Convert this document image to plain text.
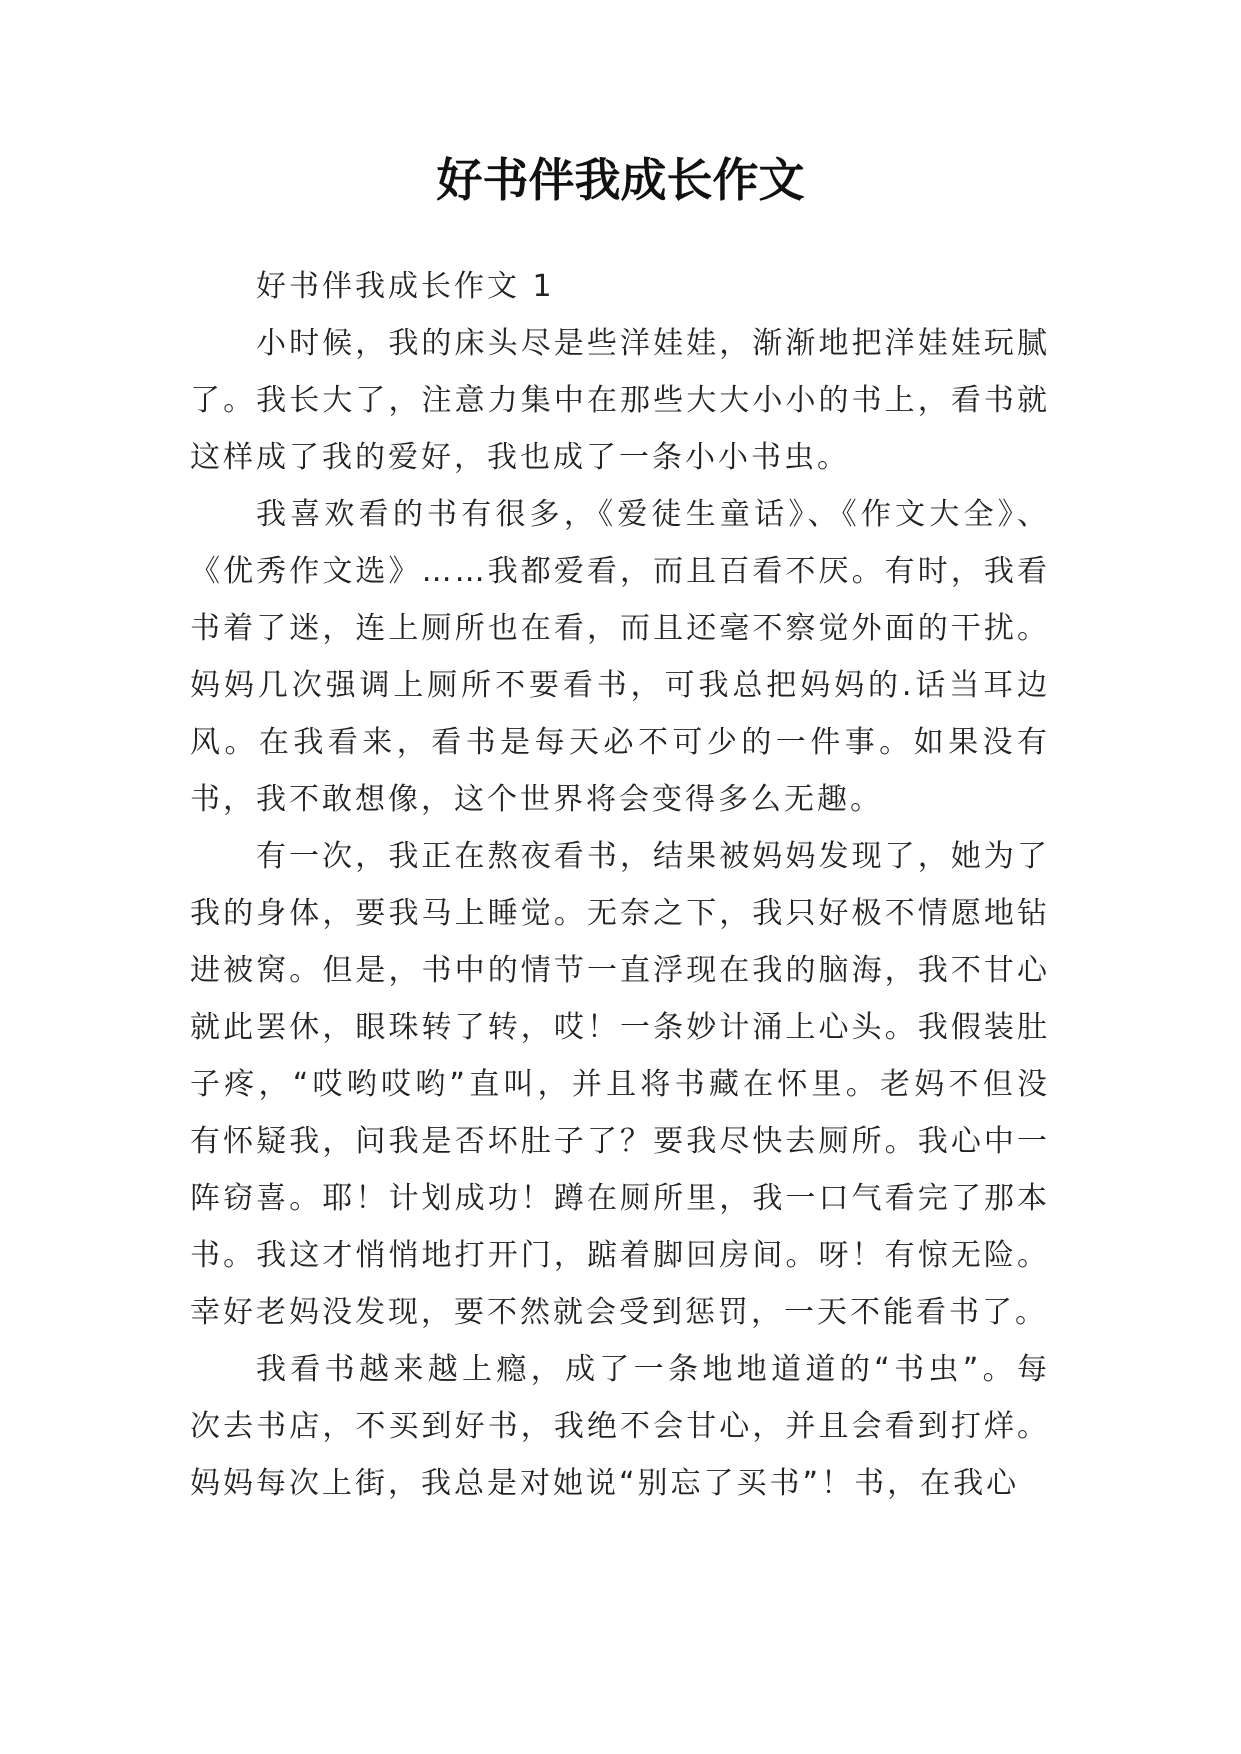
好书伴我成长作文

好书伴我成长作文 1

小时候，我的床头尽是些洋娃娃，渐渐地把洋娃娃玩腻了。我长大了，注意力集中在那些大大小小的书上，看书就这样成了我的爱好，我也成了一条小小书虫。

我喜欢看的书有很多，《爱徒生童话》、《作文大全》、《优秀作文选》……我都爱看，而且百看不厌。有时，我看书着了迷，连上厕所也在看，而且还毫不察觉外面的干扰。妈妈几次强调上厕所不要看书，可我总把妈妈的.话当耳边风。在我看来，看书是每天必不可少的一件事。如果没有书，我不敢想像，这个世界将会变得多么无趣。

有一次，我正在熬夜看书，结果被妈妈发现了，她为了我的身体，要我马上睡觉。无奈之下，我只好极不情愿地钻进被窝。但是，书中的情节一直浮现在我的脑海，我不甘心就此罢休，眼珠转了转，哎！一条妙计涌上心头。我假装肚子疼，“哎哟哎哟”直叫，并且将书藏在怀里。老妈不但没有怀疑我，问我是否坏肚子了？要我尽快去厕所。我心中一阵窃喜。耶！计划成功！蹲在厕所里，我一口气看完了那本书。我这才悄悄地打开门，踮着脚回房间。呀！有惊无险。幸好老妈没发现，要不然就会受到惩罚，一天不能看书了。

我看书越来越上瘾，成了一条地地道道的“书虫”。每次去书店，不买到好书，我绝不会甘心，并且会看到打烊。妈妈每次上街，我总是对她说“别忘了买书”！书，在我心
